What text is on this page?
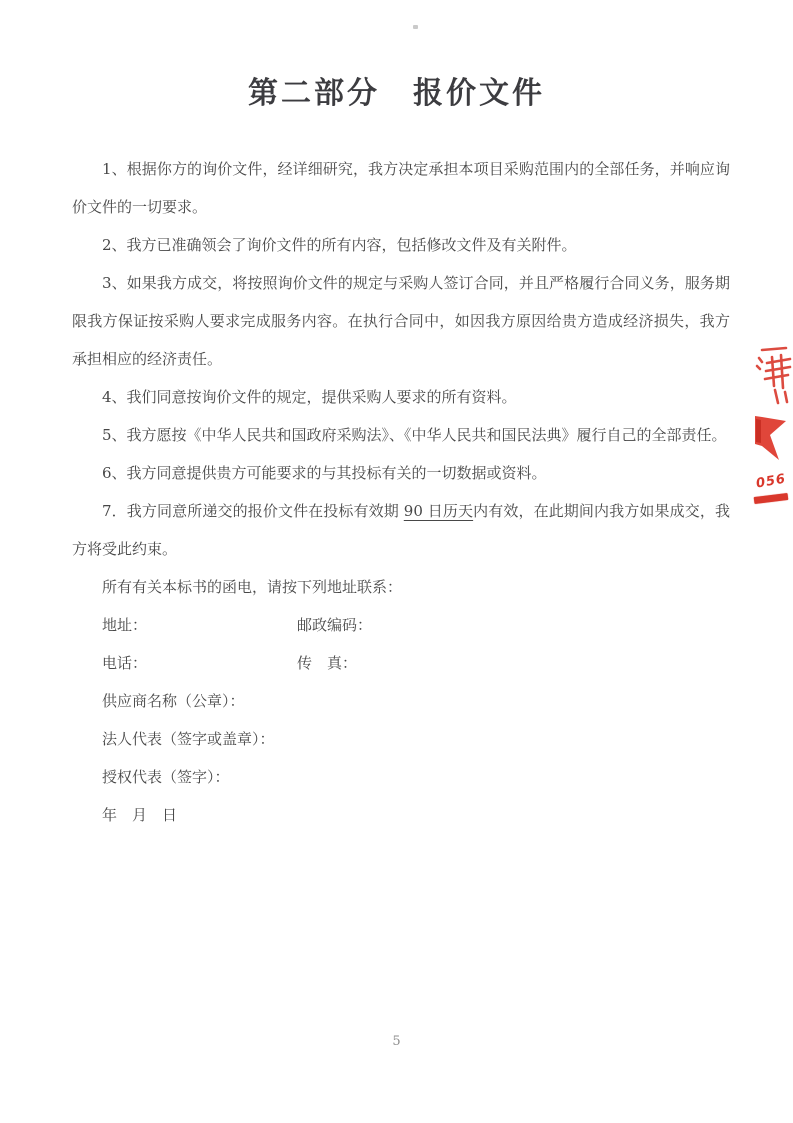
第二部分　报价文件

1、根据你方的询价文件，经详细研究，我方决定承担本项目采购范围内的全部任务，并响应询价文件的一切要求。

2、我方已准确领会了询价文件的所有内容，包括修改文件及有关附件。

3、如果我方成交，将按照询价文件的规定与采购人签订合同，并且严格履行合同义务，服务期限我方保证按采购人要求完成服务内容。在执行合同中，如因我方原因给贵方造成经济损失，我方承担相应的经济责任。

4、我们同意按询价文件的规定，提供采购人要求的所有资料。

5、我方愿按《中华人民共和国政府采购法》、《中华人民共和国民法典》履行自己的全部责任。

6、我方同意提供贵方可能要求的与其投标有关的一切数据或资料。

7．我方同意所递交的报价文件在投标有效期 90 日历天内有效，在此期间内我方如果成交，我方将受此约束。

所有有关本标书的函电，请按下列地址联系：

地址：	邮政编码：

电话：	传　真：

供应商名称（公章）：

法人代表（签字或盖章）：

授权代表（签字）：

年　月　日

056
5
